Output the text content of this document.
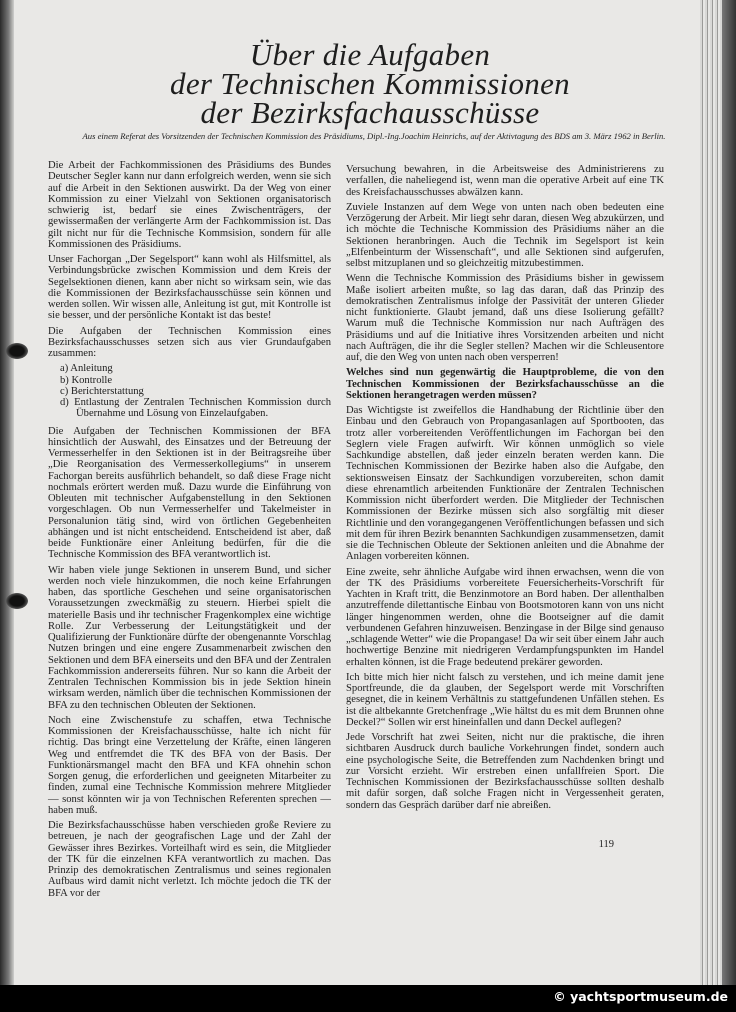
Über die Aufgaben
der Technischen Kommissionen
der Bezirksfachausschüsse
Aus einem Referat des Vorsitzenden der Technischen Kommission des Präsidiums, Dipl.-Ing.Joachim Heinrichs, auf der Aktivtagung des BDS am 3. März 1962 in Berlin.

Die Arbeit der Fachkommissionen des Präsidiums des Bundes Deutscher Segler kann nur dann erfolgreich werden, wenn sie sich auf die Arbeit in den Sektionen auswirkt. Da der Weg von einer Kommission zu einer Vielzahl von Sektionen organisatorisch schwierig ist, bedarf sie eines Zwischenträgers, der gewissermaßen der verlängerte Arm der Fachkommission ist. Das gilt nicht nur für die Technische Kommsision, sondern für alle Kommissionen des Präsidiums.

Unser Fachorgan „Der Segelsport“ kann wohl als Hilfsmittel, als Verbindungsbrücke zwischen Kommission und dem Kreis der Segelsektionen dienen, kann aber nicht so wirksam sein, wie das die Kommissionen der Bezirksfachausschüsse sein können und werden sollen. Wir wissen alle, Anleitung ist gut, mit Kontrolle ist sie besser, und der persönliche Kontakt ist das beste!

Die Aufgaben der Technischen Kommission eines Bezirksfachausschusses setzen sich aus vier Grundaufgaben zusammen:

a) Anleitung
b) Kontrolle
c) Berichterstattung
d) Entlastung der Zentralen Technischen Kommission durch Übernahme und Lösung von Einzelaufgaben.

Die Aufgaben der Technischen Kommissionen der BFA hinsichtlich der Auswahl, des Einsatzes und der Betreuung der Vermesserhelfer in den Sektionen ist in der Beitragsreihe über „Die Reorganisation des Vermesserkollegiums“ in unserem Fachorgan bereits ausführlich behandelt, so daß diese Frage nicht nochmals erörtert werden muß. Dazu wurde die Einführung von Obleuten mit technischer Aufgabenstellung in den Sektionen vorgeschlagen. Ob nun Vermesserhelfer und Takelmeister in Personalunion tätig sind, wird von örtlichen Gegebenheiten abhängen und ist nicht entscheidend. Entscheidend ist aber, daß beide Funktionäre einer Anleitung bedürfen, für die die Technische Kommission des BFA verantwortlich ist.

Wir haben viele junge Sektionen in unserem Bund, und sicher werden noch viele hinzukommen, die noch keine Erfahrungen haben, das sportliche Geschehen und seine organisatorischen Voraussetzungen zweckmäßig zu steuern. Hierbei spielt die materielle Basis und ihr technischer Fragenkomplex eine wichtige Rolle. Zur Verbesserung der Leitungstätigkeit und der Qualifizierung der Funktionäre dürfte der obengenannte Vorschlag Nutzen bringen und eine engere Zusammenarbeit zwischen den Sektionen und dem BFA einerseits und den BFA und der Zentralen Fachkommission andererseits führen. Nur so kann die Arbeit der Zentralen Technischen Kommission bis in jede Sektion hinein wirksam werden, nämlich über die technischen Kommissionen der BFA zu den technischen Obleuten der Sektionen.

Noch eine Zwischenstufe zu schaffen, etwa Technische Kommissionen der Kreisfachausschüsse, halte ich nicht für richtig. Das bringt eine Verzettelung der Kräfte, einen längeren Weg und entfremdet die TK des BFA von der Basis. Der Funktionärsmangel macht den BFA und KFA ohnehin schon Sorgen genug, die erforderlichen und geeigneten Mitarbeiter zu finden, zumal eine Technische Kommission mehrere Mitglieder — sonst könnten wir ja von Technischen Referenten sprechen — haben muß.

Die Bezirksfachausschüsse haben verschieden große Reviere zu betreuen, je nach der geografischen Lage und der Zahl der Gewässer ihres Bezirkes. Vorteilhaft wird es sein, die Mitglieder der TK für die einzelnen KFA verantwortlich zu machen. Das Prinzip des demokratischen Zentralismus und seines regionalen Aufbaus wird damit nicht verletzt. Ich möchte jedoch die TK der BFA vor der

Versuchung bewahren, in die Arbeitsweise des Administrierens zu verfallen, die naheliegend ist, wenn man die operative Arbeit auf eine TK des Kreisfachausschusses abwälzen kann.

Zuviele Instanzen auf dem Wege von unten nach oben bedeuten eine Verzögerung der Arbeit. Mir liegt sehr daran, diesen Weg abzukürzen, und ich möchte die Technische Kommission des Präsidiums näher an die Sektionen heranbringen. Auch die Technik im Segelsport ist kein „Elfenbeinturm der Wissenschaft“, und alle Sektionen sind aufgerufen, selbst mitzuplanen und so gleichzeitig mitzubestimmen.

Wenn die Technische Kommission des Präsidiums bisher in gewissem Maße isoliert arbeiten mußte, so lag das daran, daß das Prinzip des demokratischen Zentralismus infolge der Passivität der unteren Glieder nicht funktionierte. Glaubt jemand, daß uns diese Isolierung gefällt? Warum muß die Technische Kommission nur nach Aufträgen des Präsidiums und auf die Initiative ihres Vorsitzenden arbeiten und nicht nach Aufträgen, die ihr die Segler stellen? Machen wir die Schleusentore auf, die den Weg von unten nach oben versperren!

Welches sind nun gegenwärtig die Hauptprobleme, die von den Technischen Kommissionen der Bezirksfachausschüsse an die Sektionen herangetragen werden müssen?

Das Wichtigste ist zweifellos die Handhabung der Richtlinie über den Einbau und den Gebrauch von Propangasanlagen auf Sportbooten, das trotz aller vorbereitenden Veröffentlichungen im Fachorgan bei den Seglern viele Fragen aufwirft. Wir können unmöglich so viele Sachkundige abstellen, daß jeder einzeln beraten werden kann. Die Technischen Kommissionen der Bezirke haben also die Aufgabe, den sektionsweisen Einsatz der Sachkundigen vorzubereiten, schon damit diese ehrenamtlich arbeitenden Funktionäre der Zentralen Technischen Kommission nicht überfordert werden. Die Mitglieder der Technischen Kommissionen der Bezirke müssen sich also sorgfältig mit dieser Richtlinie und den vorangegangenen Veröffentlichungen befassen und sich mit dem für ihren Bezirk benannten Sachkundigen zusammensetzen, damit sie die Technischen Obleute der Sektionen anleiten und die Abnahme der Anlagen vorbereiten können.

Eine zweite, sehr ähnliche Aufgabe wird ihnen erwachsen, wenn die von der TK des Präsidiums vorbereitete Feuersicherheits-Vorschrift für Yachten in Kraft tritt, die Benzinmotore an Bord haben. Der allenthalben anzutreffende dilettantische Einbau von Bootsmotoren kann von uns nicht länger hingenommen werden, ohne die Bootseigner auf die damit verbundenen Gefahren hinzuweisen. Benzingase in der Bilge sind genauso „schlagende Wetter“ wie die Propangase! Da wir seit über einem Jahr auch hochwertige Benzine mit niedrigeren Verdampfungspunkten im Handel erhalten können, ist die Frage bedeutend prekärer geworden.

Ich bitte mich hier nicht falsch zu verstehen, und ich meine damit jene Sportfreunde, die da glauben, der Segelsport werde mit Vorschriften gesegnet, die in keinem Verhältnis zu stattgefundenen Unfällen stehen. Es ist die altbekannte Gretchenfrage „Wie hältst du es mit dem Brunnen ohne Deckel?“ Sollen wir erst hineinfallen und dann Deckel auflegen?

Jede Vorschrift hat zwei Seiten, nicht nur die praktische, die ihren sichtbaren Ausdruck durch bauliche Vorkehrungen findet, sondern auch eine psychologische Seite, die Betreffenden zum Nachdenken bringt und zur Vorsicht erzieht. Wir erstreben einen unfallfreien Sport. Die Technischen Kommissionen der Bezirksfachausschüsse sollten deshalb mit dafür sorgen, daß solche Fragen nicht in Vergessenheit geraten, sondern das Gespräch darüber darf nie abreißen.

119
© yachtsportmuseum.de
